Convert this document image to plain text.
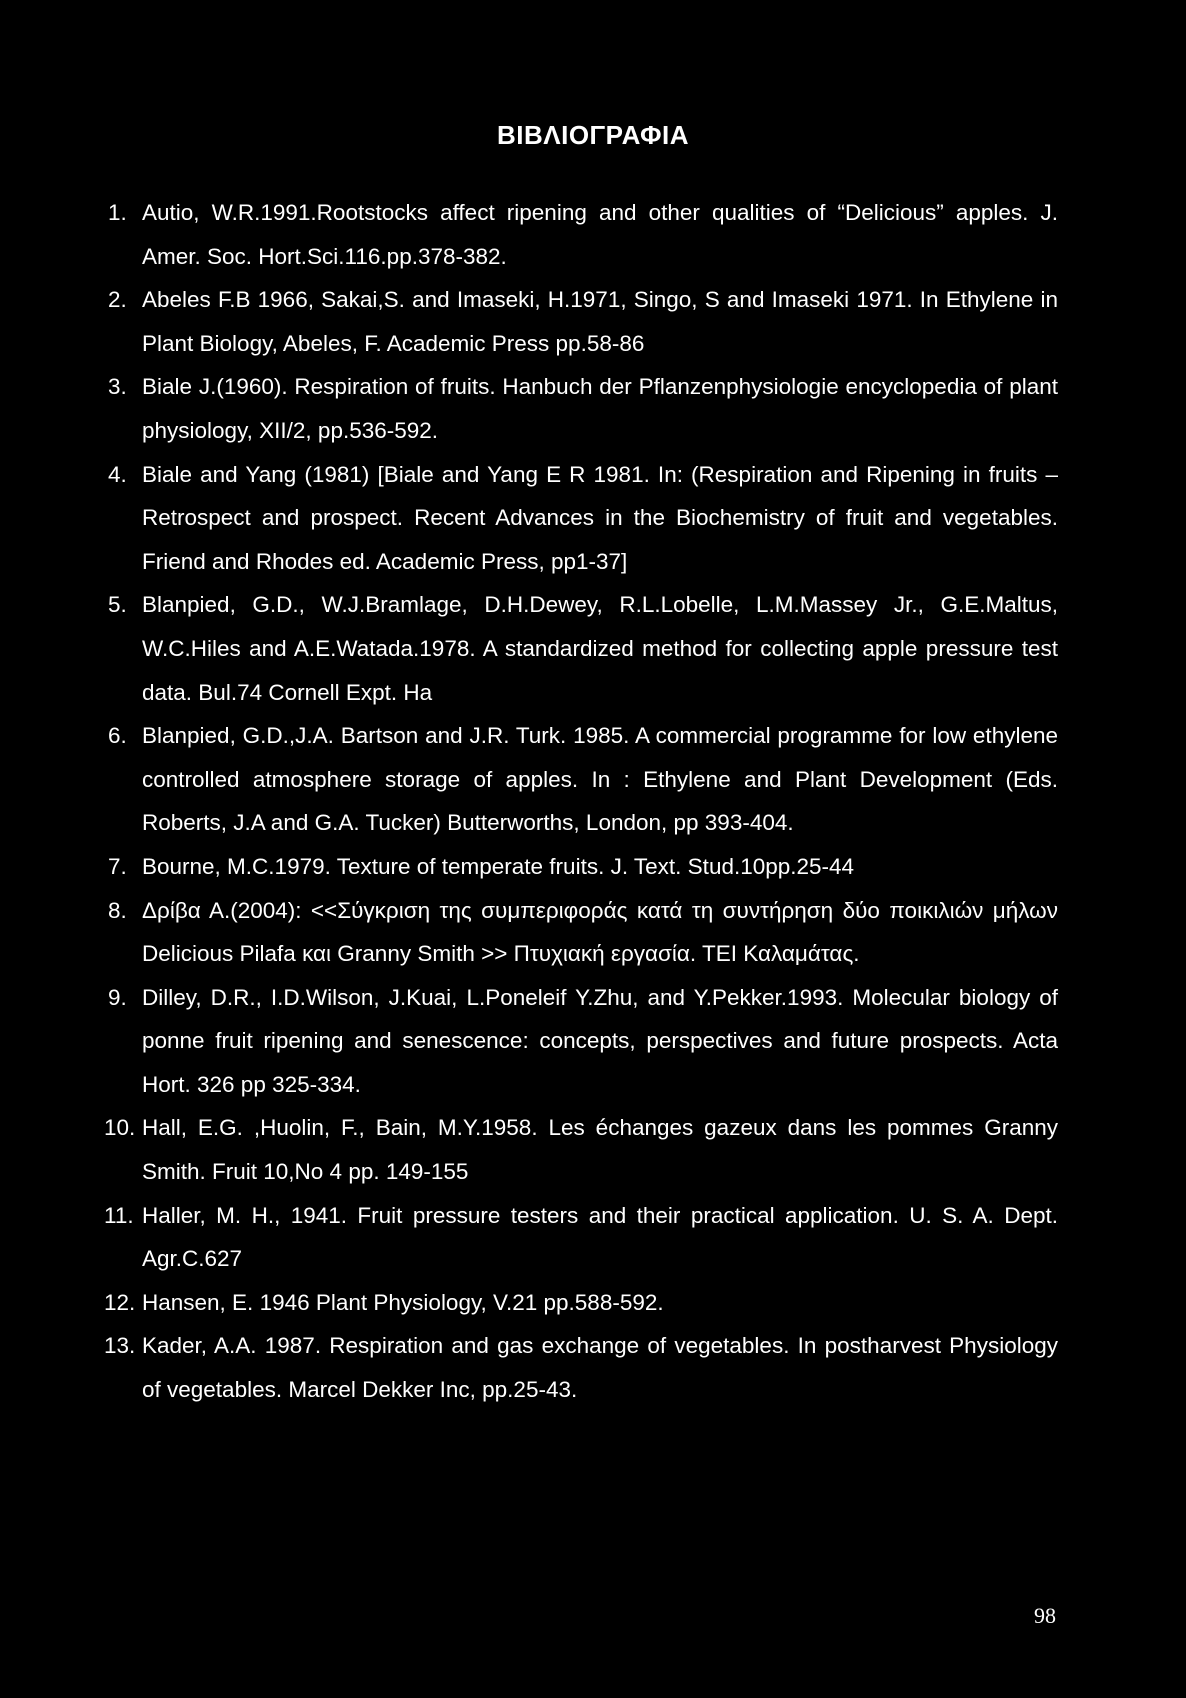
ΒΙΒΛΙΟΓΡΑΦΙΑ
1. Autio, W.R.1991.Rootstocks affect ripening and other qualities of “Delicious” apples. J. Amer. Soc. Hort.Sci.116.pp.378-382.
2. Abeles F.B 1966, Sakai,S. and Imaseki, H.1971, Singo, S and Imaseki 1971. In Ethylene in Plant Biology, Abeles, F. Academic Press pp.58-86
3. Biale J.(1960). Respiration of fruits. Hanbuch der Pflanzenphysiologie encyclopedia of plant physiology, XII/2, pp.536-592.
4. Biale and Yang (1981) [Biale and Yang E R 1981. In: (Respiration and Ripening in fruits – Retrospect and prospect. Recent Advances in the Biochemistry of fruit and vegetables. Friend and Rhodes ed. Academic Press, pp1-37]
5. Blanpied, G.D., W.J.Bramlage, D.H.Dewey, R.L.Lobelle, L.M.Massey Jr., G.E.Maltus, W.C.Hiles and A.E.Watada.1978. A standardized method for collecting apple pressure test data. Bul.74 Cornell Expt. Ha
6. Blanpied, G.D.,J.A. Bartson and J.R. Turk. 1985. A commercial programme for low ethylene controlled atmosphere storage of apples. In : Ethylene and Plant Development (Eds. Roberts, J.A and G.A. Tucker) Butterworths, London, pp 393-404.
7. Bourne, M.C.1979. Texture of temperate fruits. J. Text. Stud.10pp.25-44
8. Δρίβα Α.(2004): <<Σύγκριση της συμπεριφοράς κατά τη συντήρηση δύο ποικιλιών μήλων Delicious Pilafa και Granny Smith >> Πτυχιακή εργασία. ΤΕΙ Καλαμάτας.
9. Dilley, D.R., I.D.Wilson, J.Kuai, L.Poneleif Y.Zhu, and Y.Pekker.1993. Molecular biology of ponne fruit ripening and senescence: concepts, perspectives and future prospects. Acta Hort. 326 pp 325-334.
10. Hall, E.G. ,Huolin, F., Bain, M.Y.1958. Les échanges gazeux dans les pommes Granny Smith. Fruit 10,No 4 pp. 149-155
11. Haller, M. H., 1941. Fruit pressure testers and their practical application. U. S. A. Dept. Agr.C.627
12. Hansen, E. 1946 Plant Physiology, V.21 pp.588-592.
13. Kader, A.A. 1987. Respiration and gas exchange of vegetables. In postharvest Physiology of vegetables. Marcel Dekker Inc, pp.25-43.
98
